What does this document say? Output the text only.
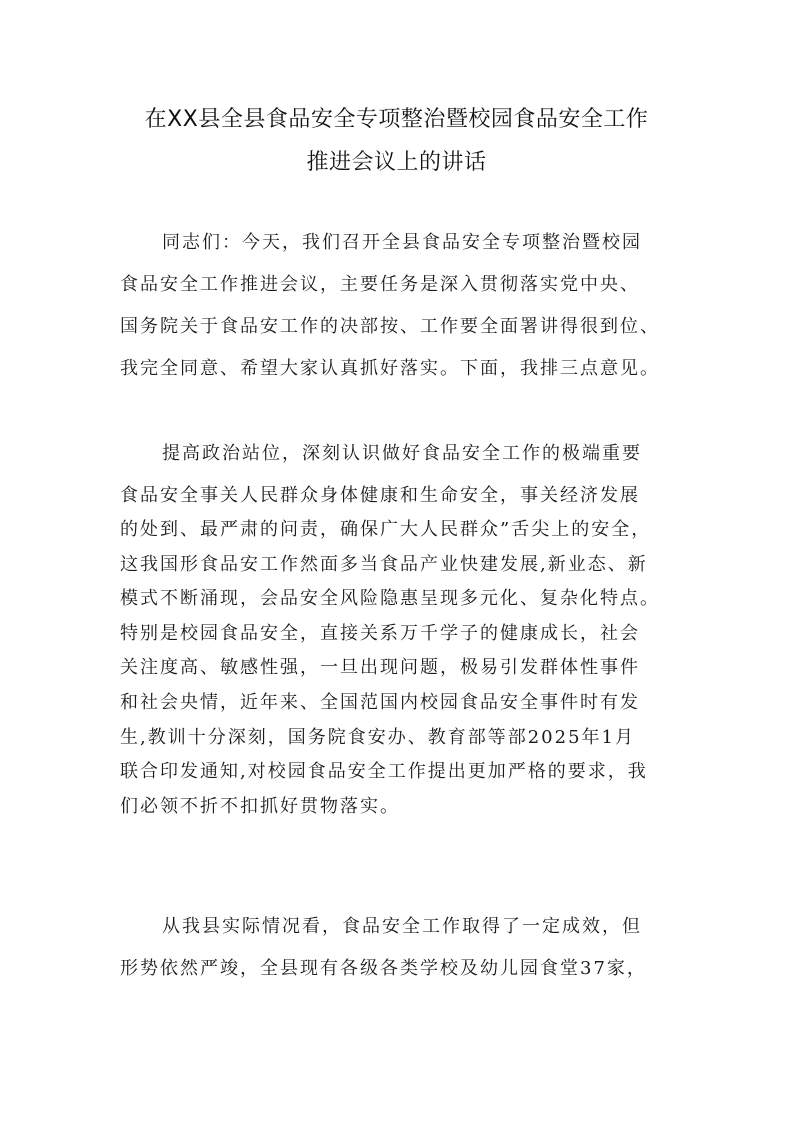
在XX县全县食品安全专项整治暨校园食品安全工作
推进会议上的讲话
同志们：今天，我们召开全县食品安全专项整治暨校园
食品安全工作推进会议，主要任务是深入贯彻落实党中央、
国务院关于食品安工作的决部按、工作要全面署讲得很到位、
我完全同意、希望大家认真抓好落实。下面，我排三点意见。
提高政治站位，深刻认识做好食品安全工作的极端重要
食品安全事关人民群众身体健康和生命安全，事关经济发展
的处到、最严肃的问责，确保广大人民群众”舌尖上的安全，
这我国形食品安工作然面多当食品产业快建发展,新业态、新
模式不断涌现，会品安全风险隐惠呈现多元化、复杂化特点。
特别是校园食品安全，直接关系万千学子的健康成长，社会
关注度高、敏感性强，一旦出现问题，极易引发群体性事件
和社会央情，近年来、全国范国内校园食品安全事件时有发
生,教训十分深刻，国务院食安办、教育部等部2025年1月
联合印发通知,对校园食品安全工作提出更加严格的要求，我
们必领不折不扣抓好贯物落实。
从我县实际情况看，食品安全工作取得了一定成效，但
形势依然严竣，全县现有各级各类学校及幼儿园食堂37家，
